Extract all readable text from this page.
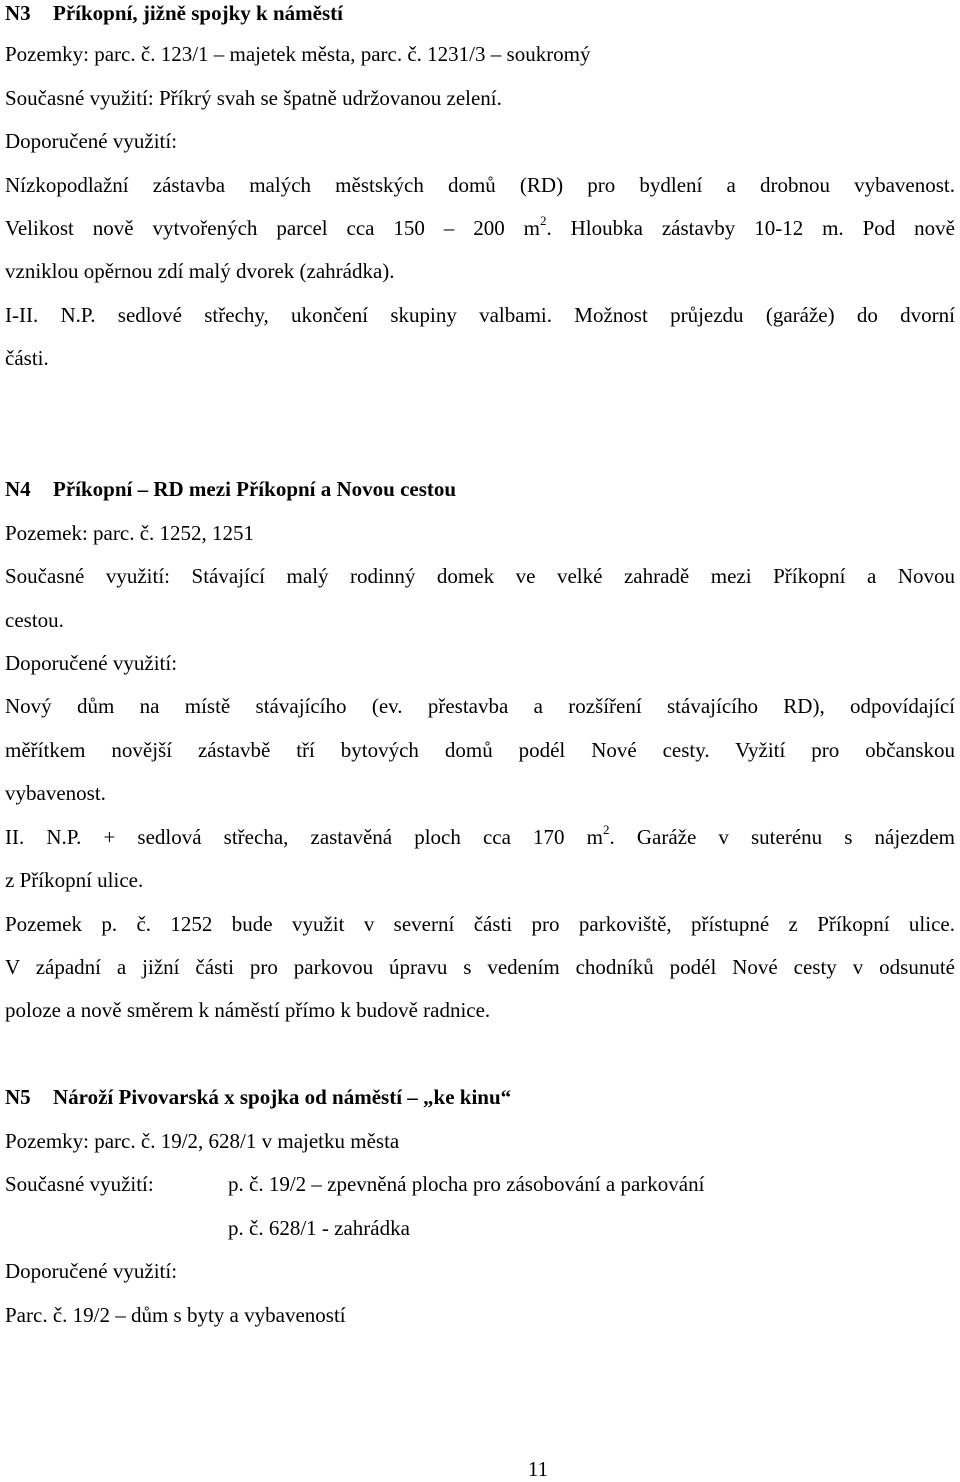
N3 Příkopní, jižně spojky k náměstí
Pozemky: parc. č. 123/1 – majetek města, parc. č. 1231/3 – soukromý
Současné využití: Příkrý svah se špatně udržovanou zelení.
Doporučené využití:
Nízkopodlažní zástavba malých městských domů (RD) pro bydlení a drobnou vybavenost.
Velikost nově vytvořených parcel cca 150 – 200 $m^2$. Hloubka zástavby 10-12 m. Pod nově
vzniklou opěrnou zdí malý dvorek (zahrádka).
I-II. N.P. sedlové střechy, ukončení skupiny valbami. Možnost průjezdu (garáže) do dvorní
části.
N4 Příkopní – RD mezi Příkopní a Novou cestou
Pozemek: parc. č. 1252, 1251
Současné využití: Stávající malý rodinný domek ve velké zahradě mezi Příkopní a Novou
cestou.
Doporučené využití:
Nový dům na místě stávajícího (ev. přestavba a rozšíření stávajícího RD), odpovídající
měřítkem novější zástavbě tří bytových domů podél Nové cesty. Vyžití pro občanskou
vybavenost.
II. N.P. + sedlová střecha, zastavěná ploch cca 170 $m^2$. Garáže v suterénu s nájezdem
z Příkopní ulice.
Pozemek p. č. 1252 bude využit v severní části pro parkoviště, přístupné z Příkopní ulice.
V západní a jižní části pro parkovou úpravu s vedením chodníků podél Nové cesty v odsunuté
poloze a nově směrem k náměstí přímo k budově radnice.
N5 Nároží Pivovarská x spojka od náměstí – „ke kinu“
Pozemky: parc. č. 19/2, 628/1 v majetku města
Současné využití:	p. č. 19/2 – zpevněná plocha pro zásobování a parkování
p. č. 628/1 - zahrádka
Doporučené využití:
Parc. č. 19/2 – dům s byty a vybaveností
11
